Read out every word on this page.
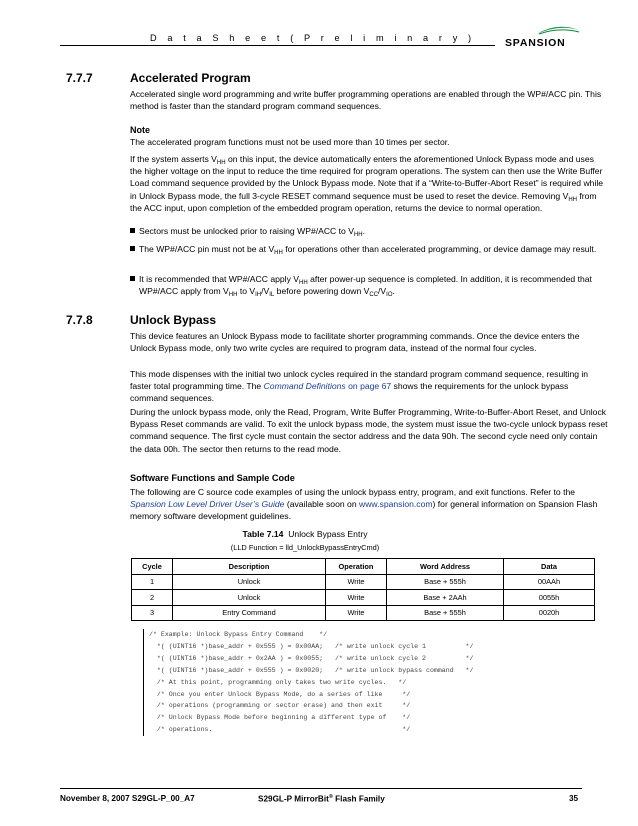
D a t a S h e e t ( P r e l i m i n a r y )	SPANSION
7.7.7	Accelerated Program
Accelerated single word programming and write buffer programming operations are enabled through the WP#/ACC pin. This method is faster than the standard program command sequences.
Note
The accelerated program functions must not be used more than 10 times per sector.
If the system asserts $V_{HH}$ on this input, the device automatically enters the aforementioned Unlock Bypass mode and uses the higher voltage on the input to reduce the time required for program operations. The system can then use the Write Buffer Load command sequence provided by the Unlock Bypass mode. Note that if a “Write-to-Buffer-Abort Reset” is required while in Unlock Bypass mode, the full 3-cycle RESET command sequence must be used to reset the device. Removing $V_{HH}$ from the ACC input, upon completion of the embedded program operation, returns the device to normal operation.
Sectors must be unlocked prior to raising WP#/ACC to $V_{HH}$.
The WP#/ACC pin must not be at $V_{HH}$ for operations other than accelerated programming, or device damage may result.
It is recommended that WP#/ACC apply $V_{HH}$ after power-up sequence is completed. In addition, it is recommended that WP#/ACC apply from $V_{HH}$ to $V_{IH}/V_{IL}$ before powering down $V_{CC}/V_{IO}$.
7.7.8	Unlock Bypass
This device features an Unlock Bypass mode to facilitate shorter programming commands. Once the device enters the Unlock Bypass mode, only two write cycles are required to program data, instead of the normal four cycles.
This mode dispenses with the initial two unlock cycles required in the standard program command sequence, resulting in faster total programming time. The Command Definitions on page 67 shows the requirements for the unlock bypass command sequences.
During the unlock bypass mode, only the Read, Program, Write Buffer Programming, Write-to-Buffer-Abort Reset, and Unlock Bypass Reset commands are valid. To exit the unlock bypass mode, the system must issue the two-cycle unlock bypass reset command sequence. The first cycle must contain the sector address and the data 90h. The second cycle need only contain the data 00h. The sector then returns to the read mode.
Software Functions and Sample Code
The following are C source code examples of using the unlock bypass entry, program, and exit functions. Refer to the Spansion Low Level Driver User’s Guide (available soon on www.spansion.com) for general information on Spansion Flash memory software development guidelines.
Table 7.14 Unlock Bypass Entry
(LLD Function = lld_UnlockBypassEntryCmd)
Cycle	Description	Operation	Word Address	Data
1	Unlock	Write	Base + 555h	00AAh
2	Unlock	Write	Base + 2AAh	0055h
3	Entry Command	Write	Base + 555h	0020h
/* Example: Unlock Bypass Entry Command    */
*( (UINT16 *)base_addr + 0x555 ) = 0x00AA;   /* write unlock cycle 1          */
*( (UINT16 *)base_addr + 0x2AA ) = 0x0055;   /* write unlock cycle 2          */
*( (UINT16 *)base_addr + 0x555 ) = 0x0020;   /* write unlock bypass command   */
/* At this point, programming only takes two write cycles.   */
/* Once you enter Unlock Bypass Mode, do a series of like     */
/* operations (programming or sector erase) and then exit     */
/* Unlock Bypass Mode before beginning a different type of    */
/* operations.                                                */
November 8, 2007 S29GL-P_00_A7	S29GL-P MirrorBit® Flash Family	35
